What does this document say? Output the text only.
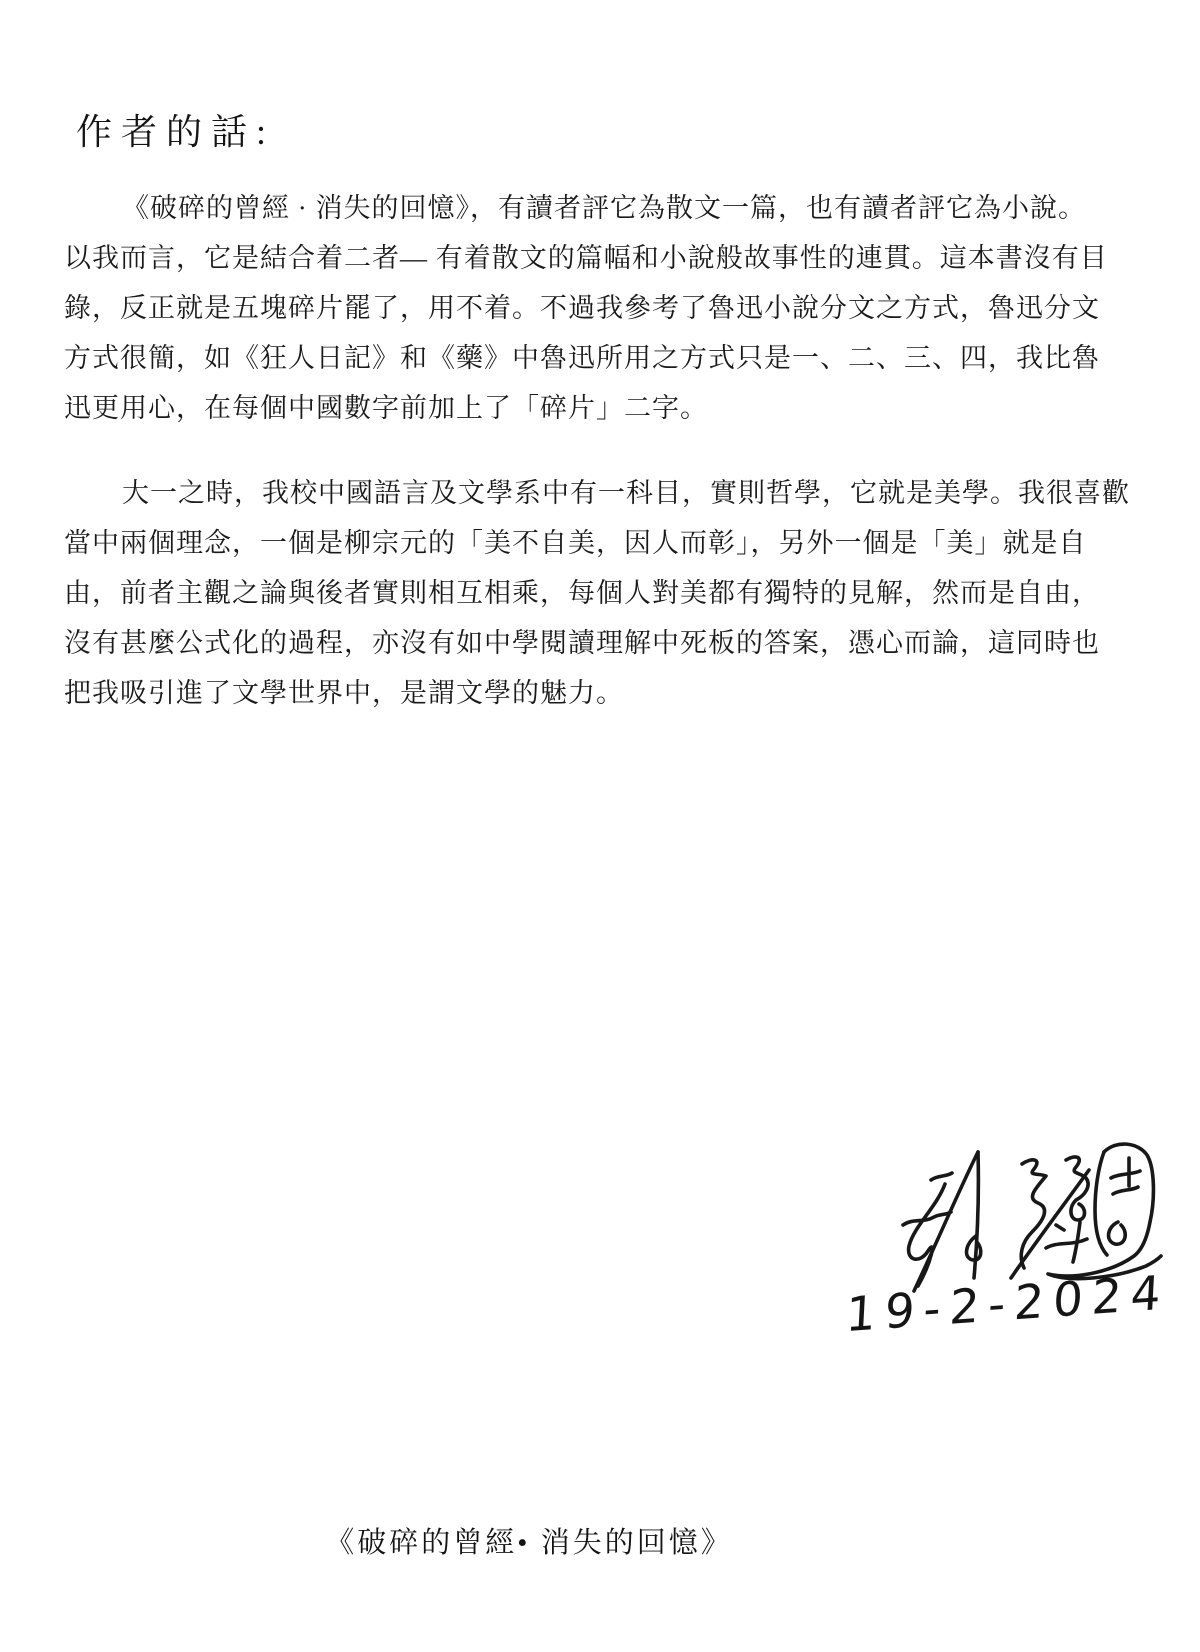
作者的話:
《破碎的曾經 · 消失的回憶》，有讀者評它為散文一篇，也有讀者評它為小說。
以我而言，它是結合着二者— 有着散文的篇幅和小說般故事性的連貫。這本書沒有目
錄，反正就是五塊碎片罷了，用不着。不過我參考了魯迅小說分文之方式，魯迅分文
方式很簡，如《狂人日記》和《藥》中魯迅所用之方式只是一、二、三、四，我比魯
迅更用心，在每個中國數字前加上了「碎片」二字。
大一之時，我校中國語言及文學系中有一科目，實則哲學，它就是美學。我很喜歡
當中兩個理念，一個是柳宗元的「美不自美，因人而彰」，另外一個是「美」就是自
由，前者主觀之論與後者實則相互相乘，每個人對美都有獨特的見解，然而是自由，
沒有甚麼公式化的過程，亦沒有如中學閱讀理解中死板的答案，憑心而論，這同時也
把我吸引進了文學世界中，是謂文學的魅力。
19-2-2024
《破碎的曾經• 消失的回憶》
